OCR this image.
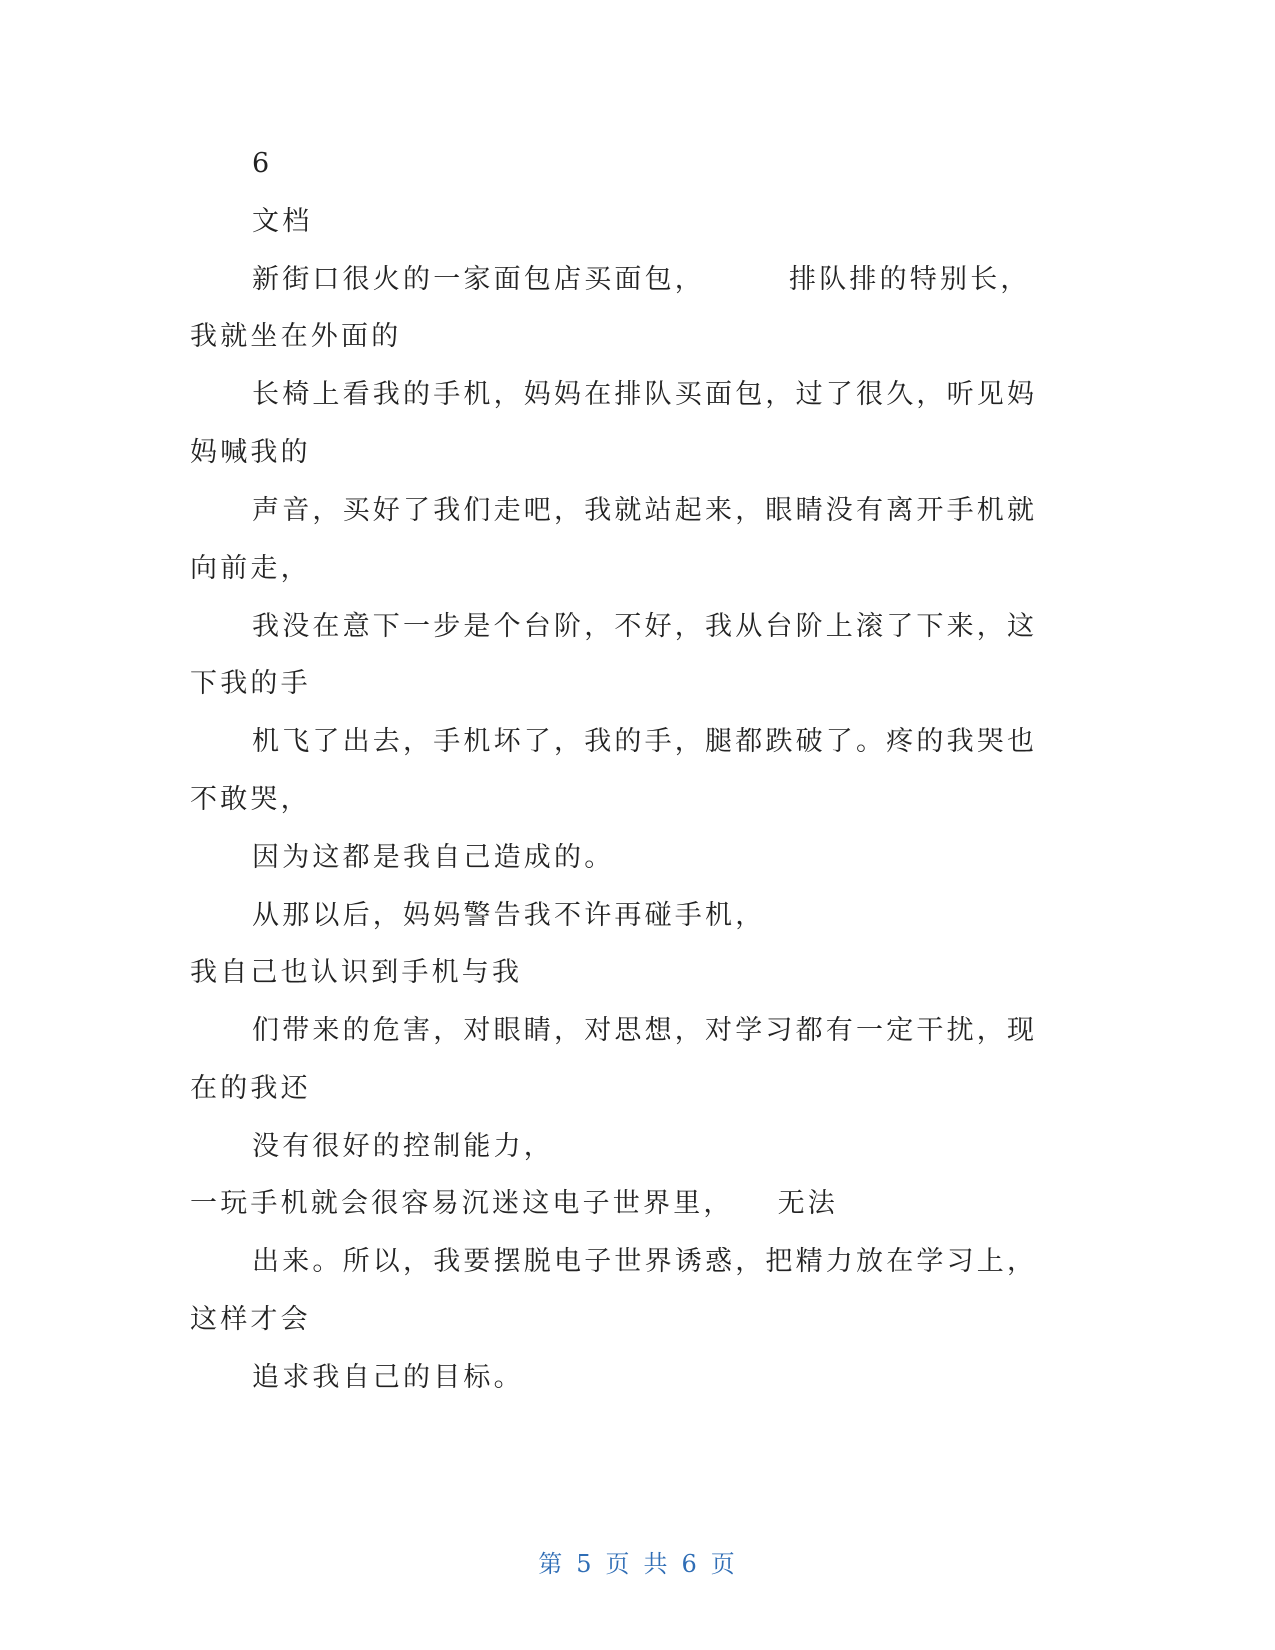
6
文档
新街口很火的一家面包店买面包，	排队排的特别长，
我就坐在外面的
长椅上看我的手机，妈妈在排队买面包，过了很久，听见妈
妈喊我的
声音，买好了我们走吧，我就站起来，眼睛没有离开手机就
向前走，
我没在意下一步是个台阶，不好，我从台阶上滚了下来，这
下我的手
机飞了出去，手机坏了，我的手，腿都跌破了。疼的我哭也
不敢哭，
因为这都是我自己造成的。
从那以后，妈妈警告我不许再碰手机，
我自己也认识到手机与我
们带来的危害，对眼睛，对思想，对学习都有一定干扰，现
在的我还
没有很好的控制能力，
一玩手机就会很容易沉迷这电子世界里， 无法
出来。所以，我要摆脱电子世界诱惑，把精力放在学习上，
这样才会
追求我自己的目标。
第 5 页 共 6 页
